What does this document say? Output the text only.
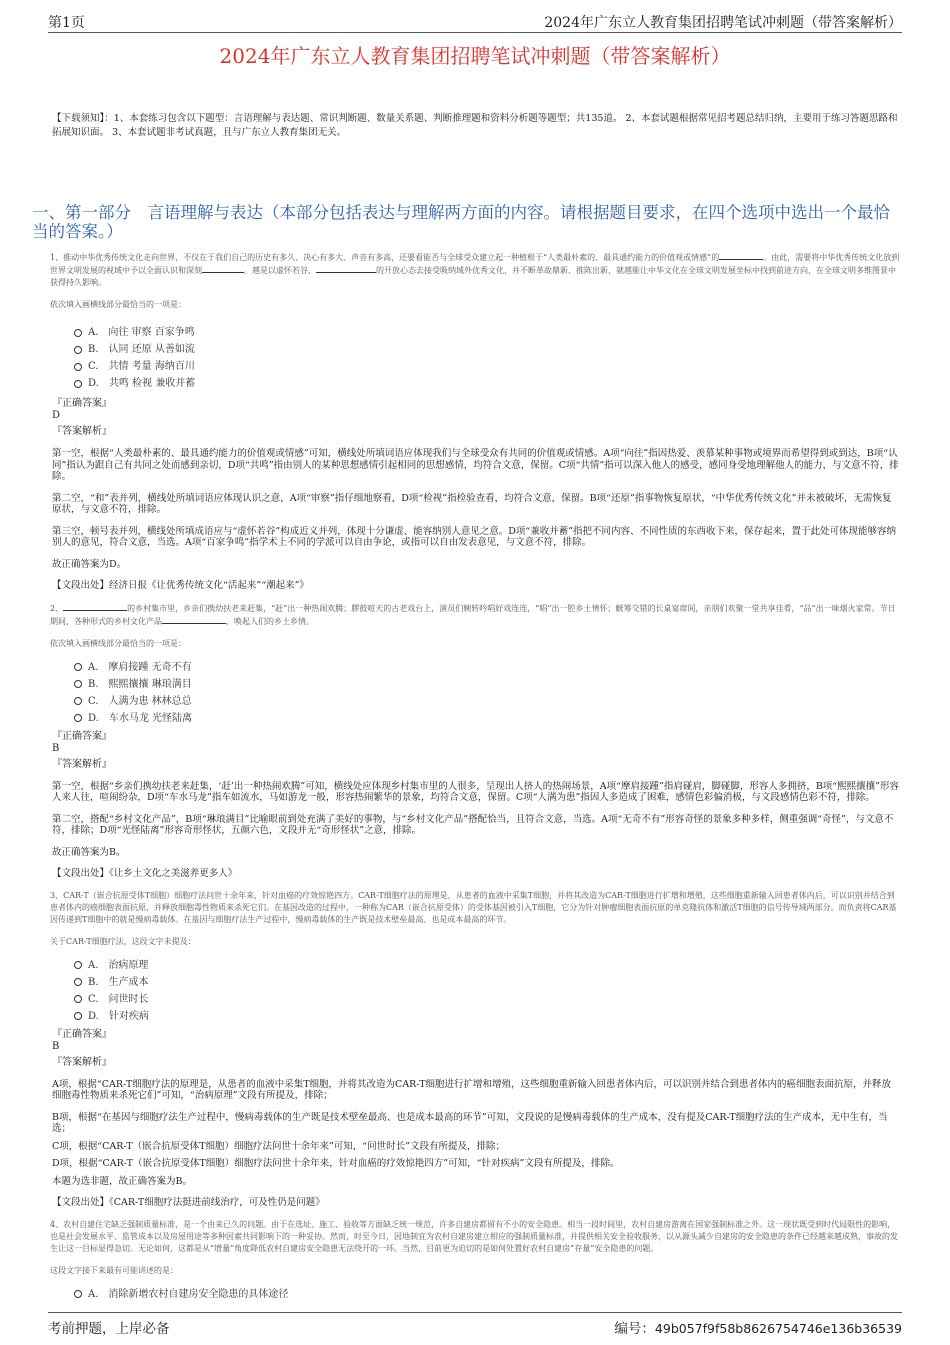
第1页	2024年广东立人教育集团招聘笔试冲刺题（带答案解析）
2024年广东立人教育集团招聘笔试冲刺题（带答案解析）

【下载须知】：1、本套练习包含以下题型：言语理解与表达题、常识判断题、数量关系题、判断推理题和资料分析题等题型；共135道。 2、本套试题根据常见招考题总结归纳，主要用于练习答题思路和拓展知识面。 3、本套试题非考试真题，且与广东立人教育集团无关。

一、第一部分　言语理解与表达（本部分包括表达与理解两方面的内容。请根据题目要求，在四个选项中选出一个最恰当的答案。）
1、推动中华优秀传统文化走向世界，不仅在于我们自己的历史有多久、决心有多大、声音有多高，还要看能否与全球受众建立起一种植根于“人类最朴素的、最具通约能力的价值观或情感”的	。由此，需要将中华优秀传统文化放到世界文明发展的视域中予以全面认识和深刻	。越是以虚怀若谷、	的开放心态去接受吸纳域外优秀文化，并不断革故鼎新、推陈出新，就越能让中华文化在全球文明发展坐标中找到前进方向，在全球文明多维图景中获得持久影响。
依次填入画横线部分最恰当的一项是：
A.　向往 审察 百家争鸣
B.　认同 还原 从善如流
C.　共情 考量 海纳百川
D.　共鸣 检视 兼收并蓄
『正确答案』
D
『答案解析』

第一空，根据“人类最朴素的、最具通约能力的价值观或情感”可知，横线处所填词语应体现我们与全球受众有共同的价值观或情感。A项“向往”指因热爱、羡慕某种事物或境界而希望得到或到达，B项“认同”指认为跟自己有共同之处而感到亲切，D项“共鸣”指由别人的某种思想感情引起相同的思想感情，均符合文意，保留。C项“共情”指可以深入他人的感受，感同身受地理解他人的能力，与文意不符，排除。

第二空，“和”表并列，横线处所填词语应体现认识之意，A项“审察”指仔细地察看，D项“检视”指检验查看，均符合文意，保留。B项“还原”指事物恢复原状，“中华优秀传统文化”并未被破坏，无需恢复原状，与文意不符，排除。

第三空，顿号表并列，横线处所填成语应与“虚怀若谷”构成近义并列，体现十分谦虚、能容纳别人意见之意。D项“兼收并蓄”指把不同内容、不同性质的东西收下来，保存起来，置于此处可体现能够容纳别人的意见，符合文意，当选。A项“百家争鸣”指学术上不同的学派可以自由争论，或指可以自由发表意见，与文意不符，排除。

故正确答案为D。

【文段出处】经济日报《让优秀传统文化“活起来”“潮起来”》

2、	的乡村集市里，乡亲们携幼扶老来赶集，“赶”出一种热闹欢腾；膠鼓喧天的古老戏台上，演员们婉转吟唱好戏连连，“唱”出一腔乡土情怀；觥筹交错的长桌宴席间，亲朋们欢聚一堂共享佳肴，“品”出一味烟火家常。节日期间，各种形式的乡村文化产品	，唤起人们的乡土乡情。
依次填入画横线部分最恰当的一项是：
A.　摩肩接踵 无奇不有
B.　熙熙攘攘 琳琅满目
C.　人满为患 林林总总
D.　车水马龙 光怪陆离
『正确答案』
B
『答案解析』

第一空，根据“乡亲们携幼扶老来赶集，‘赶’出一种热闹欢腾”可知，横线处应体现乡村集市里的人很多，呈现出人挤人的热闹场景，A项“摩肩接踵”指肩碰肩，脚碰脚，形容人多拥挤，B项“熙熙攘攘”形容人来人往，喧闹纷杂，D项“车水马龙”指车如流水，马如游龙一般，形容热闹繁华的景象，均符合文意，保留。C项“人满为患”指因人多造成了困难，感情色彩偏消极，与文段感情色彩不符，排除。

第二空，搭配“乡村文化产品”，B项“琳琅满目”比喻眼前到处充满了美好的事物，与“乡村文化产品”搭配恰当，且符合文意，当选。A项“无奇不有”形容奇怪的景象多种多样，侧重强调“奇怪”，与文意不符，排除；D项“光怪陆离”形容奇形怪状，五颜六色，文段并无“奇形怪状”之意，排除。

故正确答案为B。

【文段出处】《让乡土文化之美滋养更多人》

3、CAR-T（嵌合抗原受体T细胞）细胞疗法问世十余年来，针对血癌的疗效惊艳四方。CAR-T细胞疗法的原理是，从患者的血液中采集T细胞，并将其改造为CAR-T细胞进行扩增和增殖，这些细胞重新输入回患者体内后，可以识别并结合到患者体内的癌细胞表面抗原，并释放细胞毒性物质来杀死它们。在基因改造的过程中，一种称为CAR（嵌合抗原受体）的受体基因被引入T细胞，它分为针对肿瘤细胞表面抗原的单克隆抗体和激活T细胞的信号传导域两部分。而负责将CAR基因传递到T细胞中的就是慢病毒载体。在基因与细胞疗法生产过程中，慢病毒载体的生产既是技术壁垒最高、也是成本最高的环节。
关于CAR-T细胞疗法，这段文字未提及：
A.　治病原理
B.　生产成本
C.　问世时长
D.　针对疾病
『正确答案』
B
『答案解析』

A项，根据“CAR-T细胞疗法的原理是，从患者的血液中采集T细胞，并将其改造为CAR-T细胞进行扩增和增殖，这些细胞重新输入回患者体内后，可以识别并结合到患者体内的癌细胞表面抗原，并释放细胞毒性物质来杀死它们”可知，“治病原理”文段有所提及，排除；

B项，根据“在基因与细胞疗法生产过程中，慢病毒载体的生产既是技术壁垒最高、也是成本最高的环节”可知，文段说的是慢病毒载体的生产成本，没有提及CAR-T细胞疗法的生产成本，无中生有，当选；

C项，根据“CAR-T（嵌合抗原受体T细胞）细胞疗法问世十余年来”可知，“问世时长”文段有所提及，排除；

D项，根据“CAR-T（嵌合抗原受体T细胞）细胞疗法问世十余年来，针对血癌的疗效惊艳四方”可知，“针对疾病”文段有所提及，排除。

本题为选非题，故正确答案为B。

【文段出处】《CAR-T细胞疗法挺进前线治疗，可及性仍是问题》

4、农村自建住宅缺乏强制质量标准，是一个由来已久的问题。由于在选址、施工、验收等方面缺乏统一规范，许多自建房都留有不小的安全隐患。相当一段时间里，农村自建房游离在国家强制标准之外。这一现状既受到时代局限性的影响，也是社会发展水平、监管成本以及房屋用途等多种因素共同影响下的一种妥协。然而，时至今日，因地制宜为农村自建房建立相应的强制质量标准，并提供相关安全验收服务，以从源头减少自建房的安全隐患的条件已经越来越成熟，事故的发生让这一目标显得急切。无论如何，这都是从“增量”角度降低农村自建房安全隐患无法绕开的一环。当然，目前更为迫切的是如何处置好农村自建房“存量”安全隐患的问题。
这段文字接下来最有可能讲述的是：
A.　消除新增农村自建房安全隐患的具体途径
考前押题，上岸必备	编号：49b057f9f58b8626754746e136b36539
